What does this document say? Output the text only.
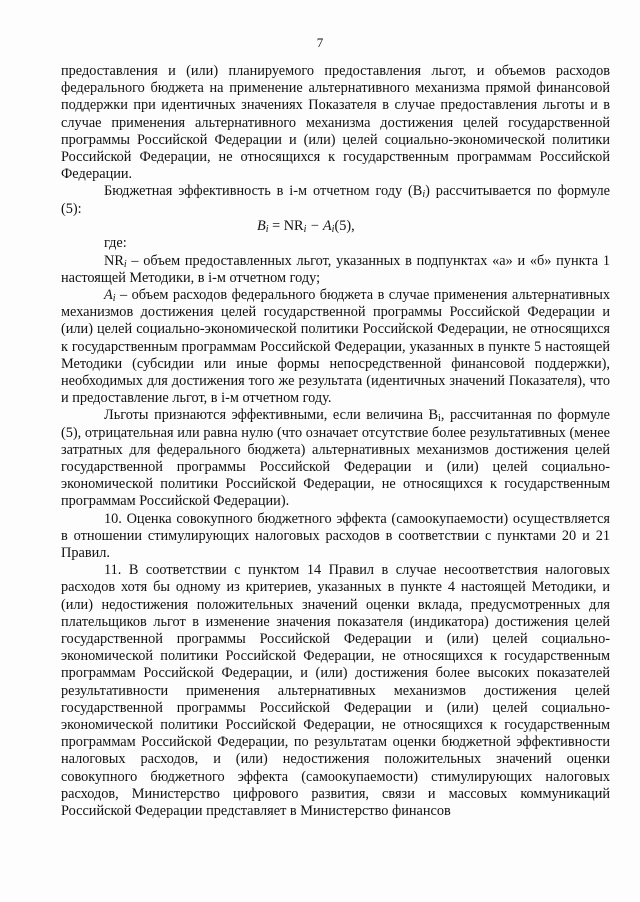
7

предоставления и (или) планируемого предоставления льгот, и объемов расходов федерального бюджета на применение альтернативного механизма прямой финансовой поддержки при идентичных значениях Показателя в случае предоставления льготы и в случае применения альтернативного механизма достижения целей государственной программы Российской Федерации и (или) целей социально-экономической политики Российской Федерации, не относящихся к государственным программам Российской Федерации.

Бюджетная эффективность в i-м отчетном году $(B_i)$ рассчитывается по формуле (5):

$B_i = NR_i - A_i(5)$,

где:

$NR_i$ – объем предоставленных льгот, указанных в подпунктах «а» и «б» пункта 1 настоящей Методики, в i-м отчетном году;

$A_i$ – объем расходов федерального бюджета в случае применения альтернативных механизмов достижения целей государственной программы Российской Федерации и (или) целей социально-экономической политики Российской Федерации, не относящихся к государственным программам Российской Федерации, указанных в пункте 5 настоящей Методики (субсидии или иные формы непосредственной финансовой поддержки), необходимых для достижения того же результата (идентичных значений Показателя), что и предоставление льгот, в i-м отчетном году.

Льготы признаются эффективными, если величина $B_i$, рассчитанная по формуле (5), отрицательная или равна нулю (что означает отсутствие более результативных (менее затратных для федерального бюджета) альтернативных механизмов достижения целей государственной программы Российской Федерации и (или) целей социально-экономической политики Российской Федерации, не относящихся к государственным программам Российской Федерации).

10. Оценка совокупного бюджетного эффекта (самоокупаемости) осуществляется в отношении стимулирующих налоговых расходов в соответствии с пунктами 20 и 21 Правил.

11. В соответствии с пунктом 14 Правил в случае несоответствия налоговых расходов хотя бы одному из критериев, указанных в пункте 4 настоящей Методики, и (или) недостижения положительных значений оценки вклада, предусмотренных для плательщиков льгот в изменение значения показателя (индикатора) достижения целей государственной программы Российской Федерации и (или) целей социально-экономической политики Российской Федерации, не относящихся к государственным программам Российской Федерации, и (или) достижения более высоких показателей результативности применения альтернативных механизмов достижения целей государственной программы Российской Федерации и (или) целей социально-экономической политики Российской Федерации, не относящихся к государственным программам Российской Федерации, по результатам оценки бюджетной эффективности налоговых расходов, и (или) недостижения положительных значений оценки совокупного бюджетного эффекта (самоокупаемости) стимулирующих налоговых расходов, Министерство цифрового развития, связи и массовых коммуникаций Российской Федерации представляет в Министерство финансов
